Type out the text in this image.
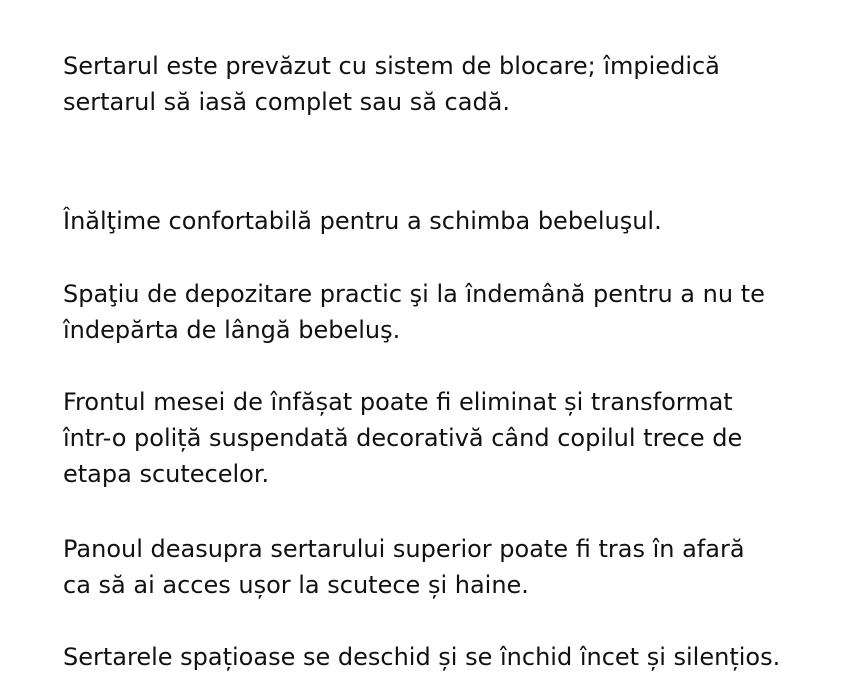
Sertarul este prevăzut cu sistem de blocare; împiedică
sertarul să iasă complet sau să cadă.

Înălţime confortabilă pentru a schimba bebeluşul.

Spaţiu de depozitare practic şi la îndemână pentru a nu te
îndepărta de lângă bebeluş.

Frontul mesei de înfășat poate fi eliminat și transformat
într-o poliță suspendată decorativă când copilul trece de
etapa scutecelor.

Panoul deasupra sertarului superior poate fi tras în afară
ca să ai acces ușor la scutece și haine.

Sertarele spațioase se deschid și se închid încet și silențios.
